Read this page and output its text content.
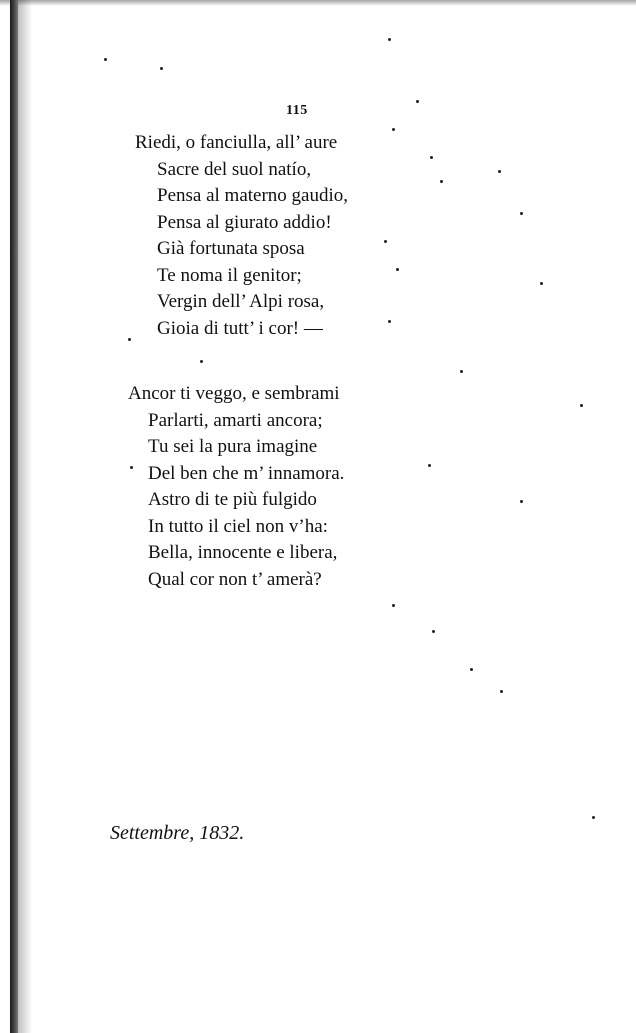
115
Riedi, o fanciulla, all’ aure
Sacre del suol natío,
Pensa al materno gaudio,
Pensa al giurato addio!
Già fortunata sposa
Te noma il genitor;
Vergin dell’ Alpi rosa,
Gioia di tutt’ i cor! —
Ancor ti veggo, e sembrami
Parlarti, amarti ancora;
Tu sei la pura imagine
Del ben che m’ innamora.
Astro di te più fulgido
In tutto il ciel non v’ha:
Bella, innocente e libera,
Qual cor non t’ amerà?
Settembre, 1832.
